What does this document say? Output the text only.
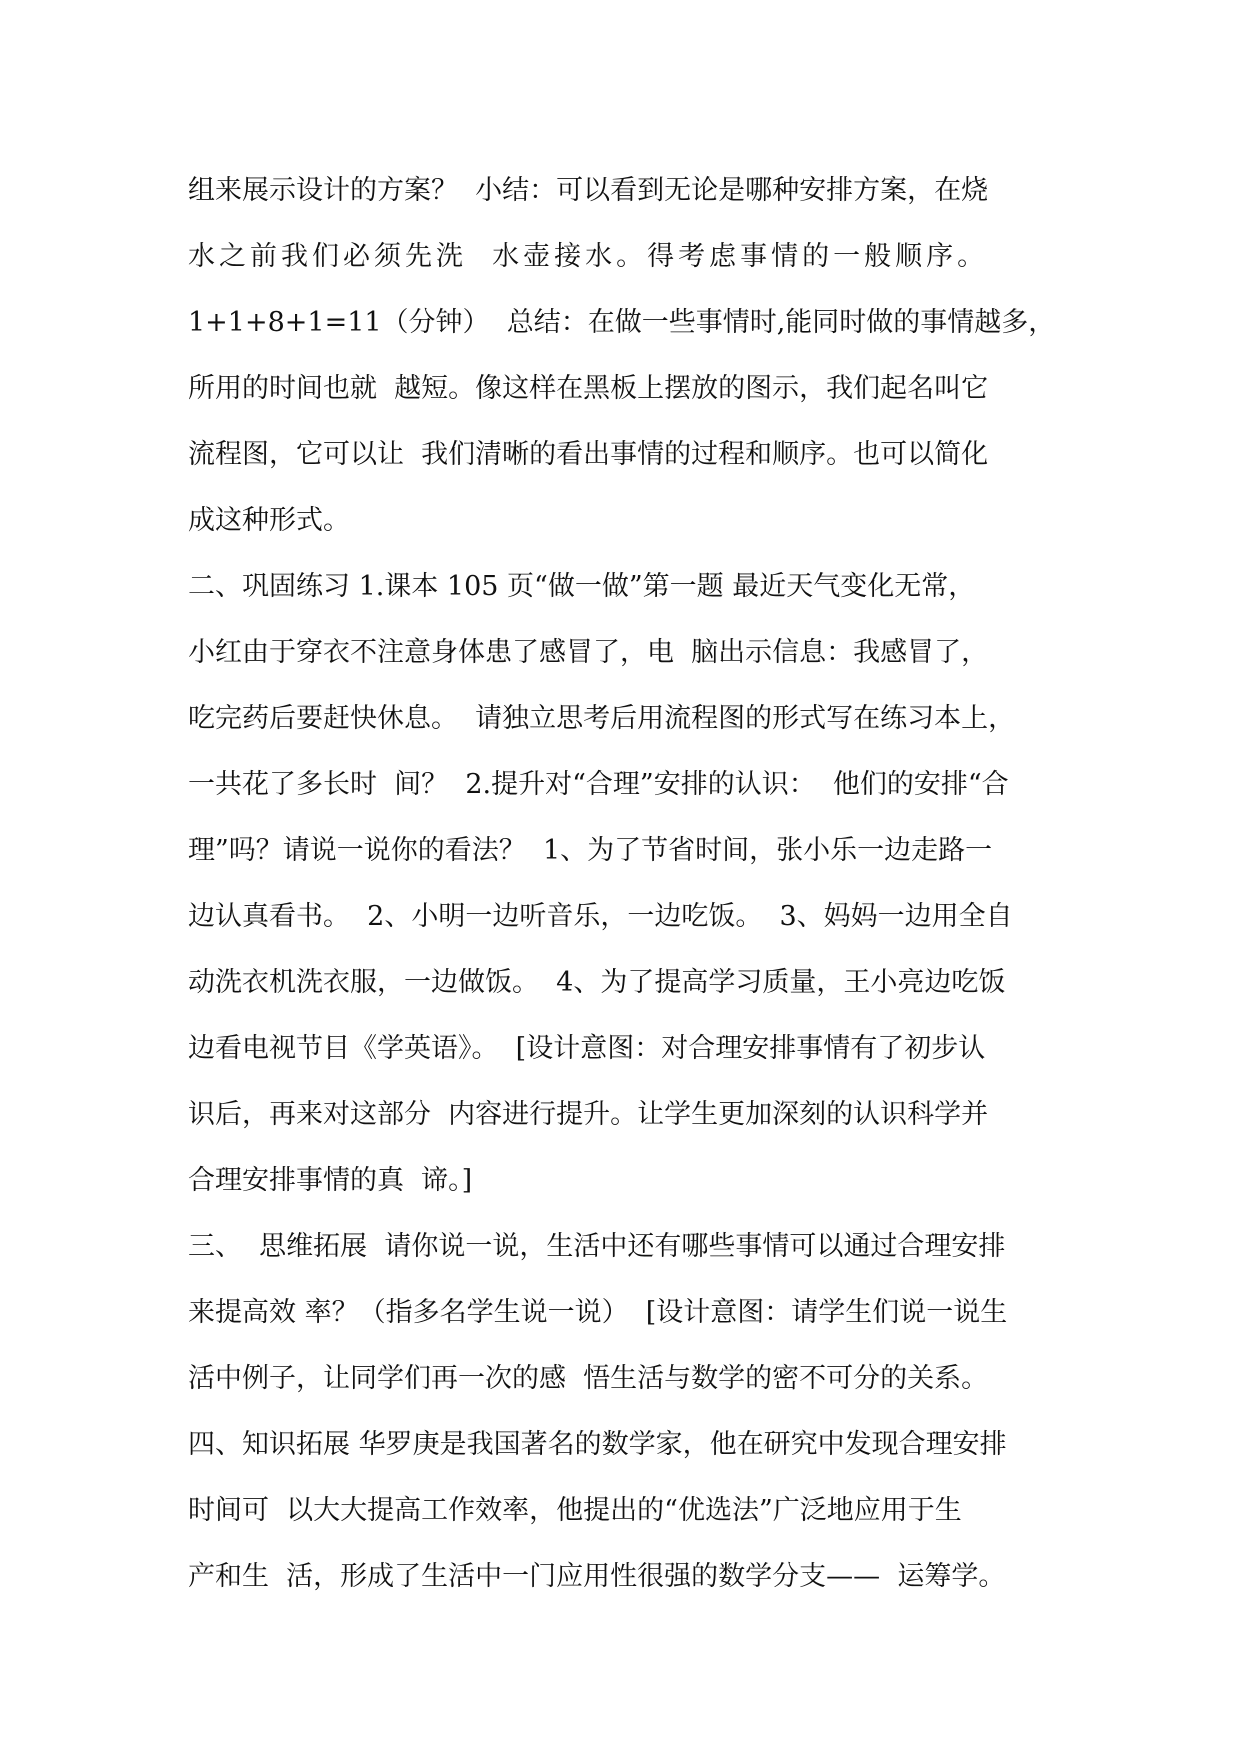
组来展示设计的方案？  小结：可以看到无论是哪种安排方案，在烧
水之前我们必须先洗  水壶接水。得考虑事情的一般顺序。
1+1+8+1=11（分钟）  总结：在做一些事情时,能同时做的事情越多，
所用的时间也就  越短。像这样在黑板上摆放的图示，我们起名叫它
流程图，它可以让  我们清晰的看出事情的过程和顺序。也可以简化
成这种形式。
二、巩固练习 1.课本 105 页“做一做”第一题 最近天气变化无常，
小红由于穿衣不注意身体患了感冒了，电  脑出示信息：我感冒了，
吃完药后要赶快休息。  请独立思考后用流程图的形式写在练习本上，
一共花了多长时  间？  2.提升对“合理”安排的认识：  他们的安排“合
理”吗？请说一说你的看法？  1、为了节省时间，张小乐一边走路一
边认真看书。  2、小明一边听音乐，一边吃饭。  3、妈妈一边用全自
动洗衣机洗衣服，一边做饭。  4、为了提高学习质量，王小亮边吃饭
边看电视节目《学英语》。  [设计意图：对合理安排事情有了初步认
识后，再来对这部分  内容进行提升。让学生更加深刻的认识科学并
合理安排事情的真  谛。]
三、  思维拓展  请你说一说，生活中还有哪些事情可以通过合理安排
来提高效 率？（指多名学生说一说）  [设计意图：请学生们说一说生
活中例子，让同学们再一次的感  悟生活与数学的密不可分的关系。
四、知识拓展 华罗庚是我国著名的数学家，他在研究中发现合理安排
时间可  以大大提高工作效率，他提出的“优选法”广泛地应用于生
产和生  活，形成了生活中一门应用性很强的数学分支——  运筹学。
